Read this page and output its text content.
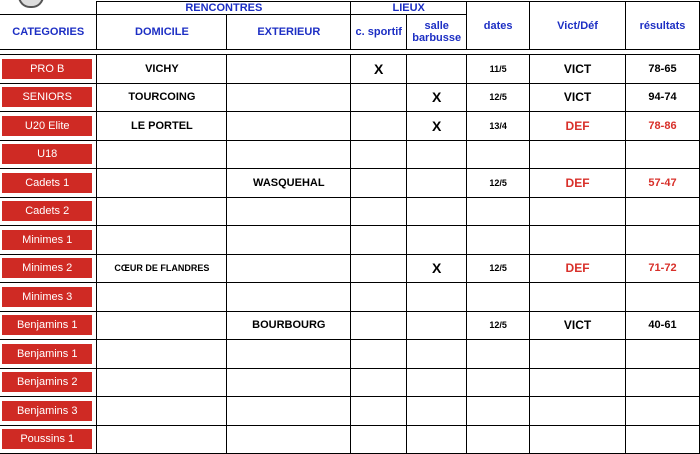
	RENCONTRES		LIEUX		dates	Vict/Déf	résultats
CATEGORIES	DOMICILE	EXTERIEUR	c. sportif	salle barbusse			

PRO B	VICHY		X		11/5	VICT	78-65

SENIORS	TOURCOING			X	12/5	VICT	94-74

U20 Elite	LE PORTEL			X	13/4	DEF	78-86

U18							

Cadets 1		WASQUEHAL			12/5	DEF	57-47

Cadets 2							

Minimes 1							

Minimes 2	CŒUR DE FLANDRES			X	12/5	DEF	71-72

Minimes 3							

Benjamins 1		BOURBOURG			12/5	VICT	40-61

Benjamins 1							

Benjamins 2							

Benjamins 3							

Poussins 1							
